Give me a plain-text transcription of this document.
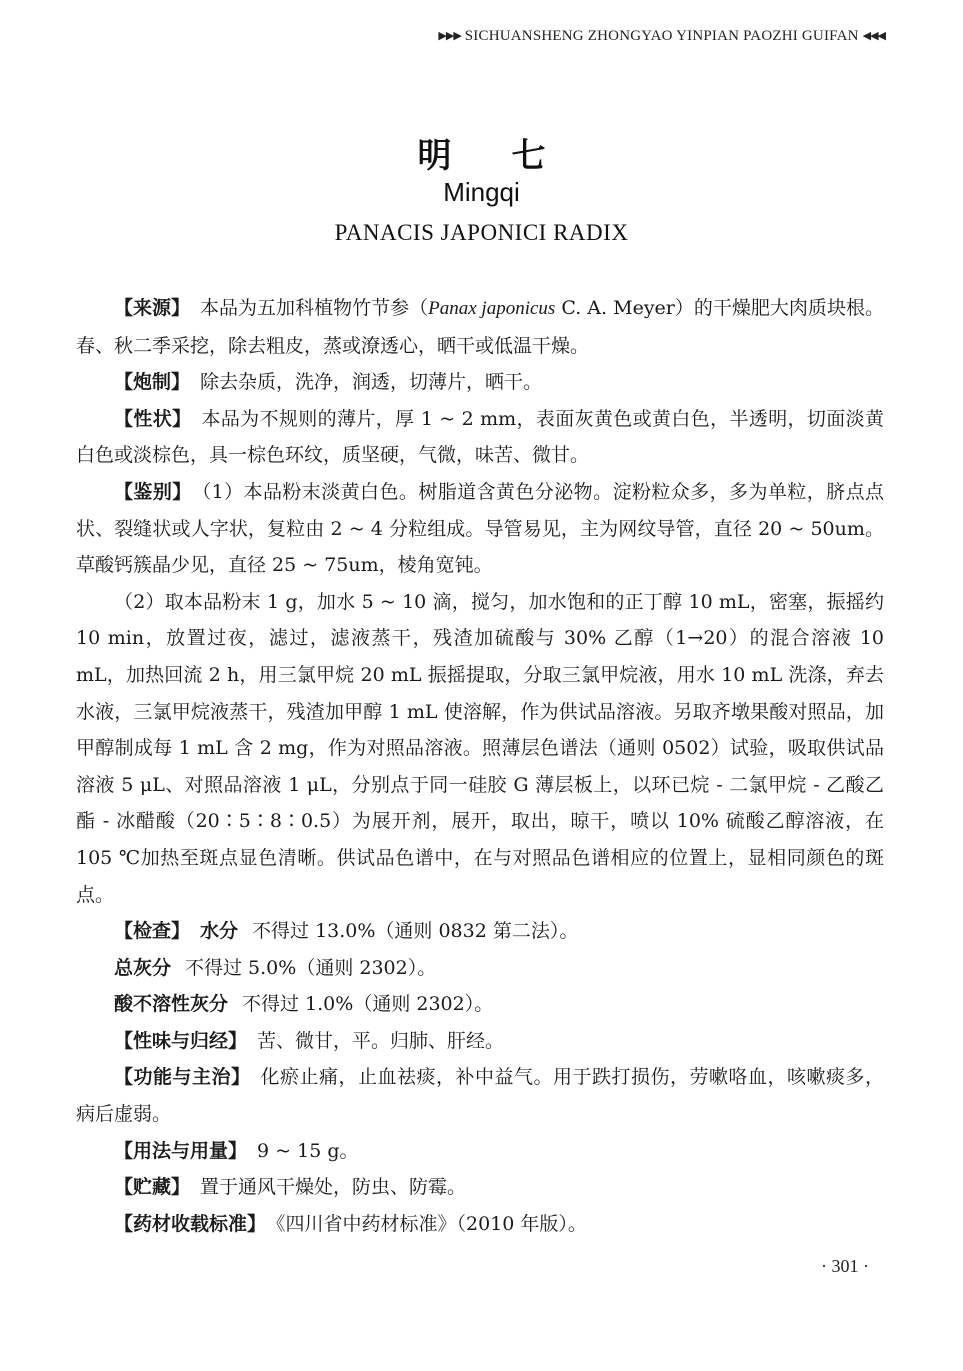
▶▶▶ SICHUANSHENG ZHONGYAO YINPIAN PAOZHI GUIFAN ◀◀◀
明七
Mingqi
PANACIS JAPONICI RADIX

【来源】 本品为五加科植物竹节参（Panax japonicus C. A. Meyer）的干燥肥大肉质块根。春、秋二季采挖，除去粗皮，蒸或潦透心，晒干或低温干燥。

【炮制】 除去杂质，洗净，润透，切薄片，晒干。

【性状】 本品为不规则的薄片，厚 1 ~ 2 mm，表面灰黄色或黄白色，半透明，切面淡黄白色或淡棕色，具一棕色环纹，质坚硬，气微，味苦、微甘。

【鉴别】 （1）本品粉末淡黄白色。树脂道含黄色分泌物。淀粉粒众多，多为单粒，脐点点状、裂缝状或人字状，复粒由 2 ~ 4 分粒组成。导管易见，主为网纹导管，直径 20 ~ 50um。草酸钙簇晶少见，直径 25 ~ 75um，棱角宽钝。

（2）取本品粉末 1 g，加水 5 ~ 10 滴，搅匀，加水饱和的正丁醇 10 mL，密塞，振摇约 10 min，放置过夜，滤过，滤液蒸干，残渣加硫酸与 30% 乙醇（1→20）的混合溶液 10 mL，加热回流 2 h，用三氯甲烷 20 mL 振摇提取，分取三氯甲烷液，用水 10 mL 洗涤，弃去水液，三氯甲烷液蒸干，残渣加甲醇 1 mL 使溶解，作为供试品溶液。另取齐墩果酸对照品，加甲醇制成每 1 mL 含 2 mg，作为对照品溶液。照薄层色谱法（通则 0502）试验，吸取供试品溶液 5 μL、对照品溶液 1 μL，分别点于同一硅胶 G 薄层板上，以环已烷 - 二氯甲烷 - 乙酸乙酯 - 冰醋酸（20∶5∶8∶0.5）为展开剂，展开，取出，晾干，喷以 10% 硫酸乙醇溶液，在 105 ℃加热至斑点显色清晰。供试品色谱中，在与对照品色谱相应的位置上，显相同颜色的斑点。

【检查】 水分 不得过 13.0%（通则 0832 第二法）。

总灰分 不得过 5.0%（通则 2302）。

酸不溶性灰分 不得过 1.0%（通则 2302）。

【性味与归经】 苦、微甘，平。归肺、肝经。

【功能与主治】 化瘀止痛，止血祛痰，补中益气。用于跌打损伤，劳嗽咯血，咳嗽痰多，病后虚弱。

【用法与用量】 9 ~ 15 g。

【贮藏】 置于通风干燥处，防虫、防霉。

【药材收载标准】 《四川省中药材标准》（2010 年版）。

· 301 ·
